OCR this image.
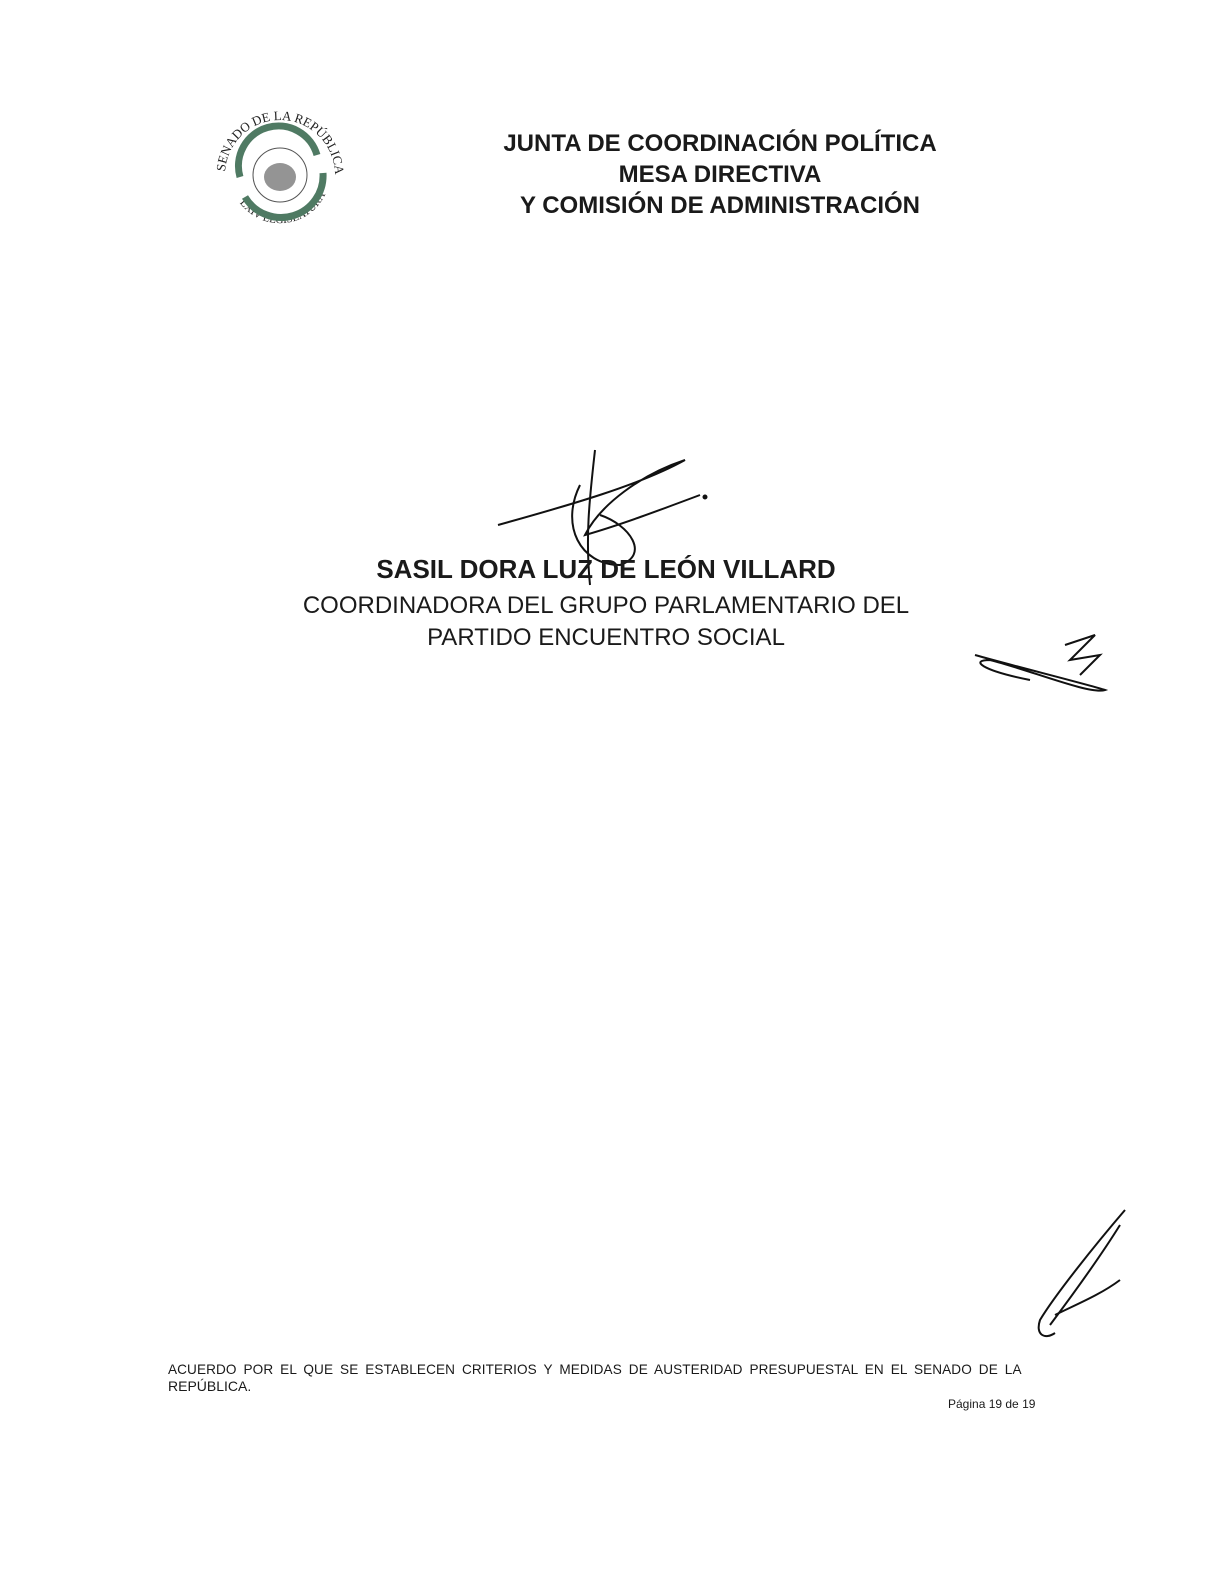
SENADO DE LA REPÚBLICA
LXIV LEGISLATURA
JUNTA DE COORDINACIÓN POLÍTICA
MESA DIRECTIVA
Y COMISIÓN DE ADMINISTRACIÓN
SASIL DORA LUZ DE LEÓN VILLARD
COORDINADORA DEL GRUPO PARLAMENTARIO DEL
PARTIDO ENCUENTRO SOCIAL
ACUERDO POR EL QUE SE ESTABLECEN CRITERIOS Y MEDIDAS DE AUSTERIDAD PRESUPUESTAL EN EL SENADO DE LA
REPÚBLICA.
Página 19 de 19
